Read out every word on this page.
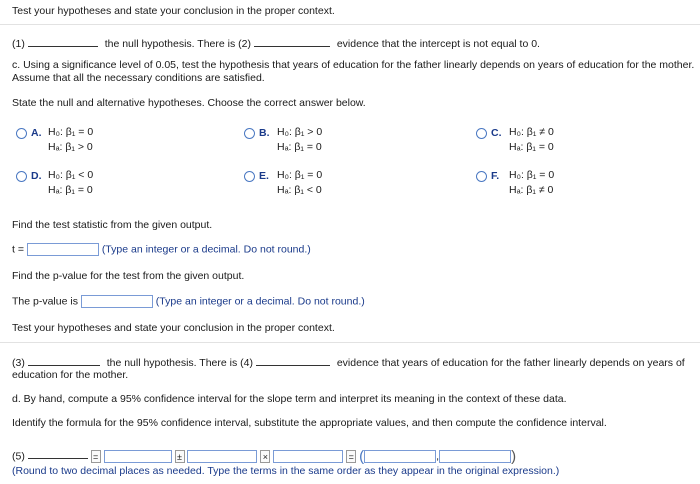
Test your hypotheses and state your conclusion in the proper context.
(1)	the null hypothesis. There is (2)	evidence that the intercept is not equal to 0.
c. Using a significance level of 0.05, test the hypothesis that years of education for the father linearly depends on years of education for the mother.
Assume that all the necessary conditions are satisfied.
State the null and alternative hypotheses. Choose the correct answer below.
A. H₀: β₁ = 0
Hₐ: β₁ > 0
B. H₀: β₁ > 0
Hₐ: β₁ = 0
C. H₀: β₁ ≠ 0
Hₐ: β₁ = 0
D. H₀: β₁ < 0
Hₐ: β₁ = 0
E. H₀: β₁ = 0
Hₐ: β₁ < 0
F. H₀: β₁ = 0
Hₐ: β₁ ≠ 0
Find the test statistic from the given output.
t =	(Type an integer or a decimal. Do not round.)
Find the p-value for the test from the given output.
The p-value is	(Type an integer or a decimal. Do not round.)
Test your hypotheses and state your conclusion in the proper context.
(3)	the null hypothesis. There is (4)	evidence that years of education for the father linearly depends on years of
education for the mother.
d. By hand, compute a 95% confidence interval for the slope term and interpret its meaning in the context of these data.
Identify the formula for the 95% confidence interval, substitute the appropriate values, and then compute the confidence interval.
(5)	=	±	×	= (	,	)
(Round to two decimal places as needed. Type the terms in the same order as they appear in the original expression.)
